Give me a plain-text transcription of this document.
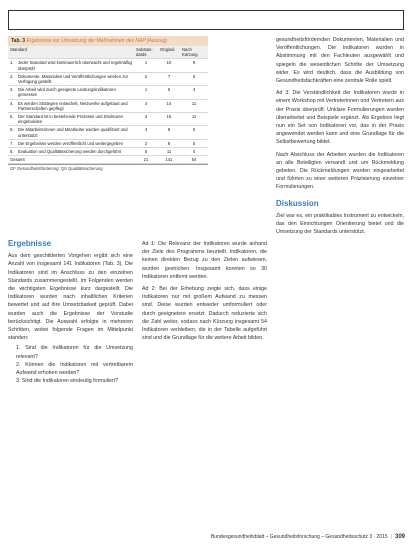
Tab. 3 Ergebnisse zur Umsetzung der Maßnahmen des NAP (Auszug)
Standard		Substandards	Original	Nach Kürzung
1.	Jeder Standard wird kontinuierlich überwacht und regelmäßig überprüft	1	10	9
2.	Dokumente, Materialien und Veröffentlichungen werden zur Verfügung gestellt	2	7	5
3.	Die Arbeit wird durch geeignete Leistungsindikatoren gemessen	1	6	4
4.	Es werden Strategien entwickelt, Netzwerke aufgebaut und Partnerschaften gepflegt	4	14	11
5.	Der Standard ist in bestehende Prozesse und Strukturen eingebunden	3	16	11
6.	Die Mitarbeiterinnen und Mitarbeiter werden qualifiziert und unterstützt	4	8	5
7.	Die Ergebnisse werden veröffentlicht und weitergegeben	2	8	5
8.	Evaluation und Qualitätssicherung werden durchgeführt	5	11	4
Gesamt		21	141	54
GF Gesundheitsförderung; QS Qualitätssicherung
Ergebnisse

Aus dem geschilderten Vorgehen ergibt sich eine Anzahl von insgesamt 141 Indikatoren (Tab. 3). Die Indikatoren sind im Anschluss zu den einzelnen Standards zusammengestellt. Im Folgenden werden die wichtigsten Ergebnisse kurz dargestellt. Die Indikatoren wurden nach inhaltlichen Kriterien bewertet und auf ihre Umsetzbarkeit geprüft. Dabei wurden auch die Ergebnisse der Vorstudie berücksichtigt. Die Auswahl erfolgte in mehreren Schritten, wobei folgende Fragen im Mittelpunkt standen:

1. Sind die Indikatoren für die Umsetzung relevant?
2. Können die Indikatoren mit vertretbarem Aufwand erhoben werden?
3. Sind die Indikatoren eindeutig formuliert?

Ad 1: Die Relevanz der Indikatoren wurde anhand der Ziele des Programms beurteilt. Indikatoren, die keinen direkten Bezug zu den Zielen aufwiesen, wurden gestrichen. Insgesamt konnten so 30 Indikatoren entfernt werden.

Ad 2: Bei der Erhebung zeigte sich, dass einige Indikatoren nur mit großem Aufwand zu messen sind. Diese wurden entweder umformuliert oder durch geeignetere ersetzt. Dadurch reduzierte sich die Zahl weiter, sodass nach Kürzung insgesamt 54 Indikatoren verbleiben, die in der Tabelle aufgeführt sind und die Grundlage für die weitere Arbeit bilden.

gesundheitsfördernden Dokumenten, Materialien und Veröffentlichungen. Die Indikatoren wurden in Abstimmung mit den Fachleuten ausgewählt und spiegeln die wesentlichen Schritte der Umsetzung wider. Es wird deutlich, dass die Ausbildung von Gesundheitsfachkräften eine zentrale Rolle spielt.

Ad 3: Die Verständlichkeit der Indikatoren wurde in einem Workshop mit Vertreterinnen und Vertretern aus der Praxis überprüft. Unklare Formulierungen wurden überarbeitet und Beispiele ergänzt. Als Ergebnis liegt nun ein Set von Indikatoren vor, das in der Praxis angewendet werden kann und eine Grundlage für die Selbstbewertung bildet.

Nach Abschluss der Arbeiten wurden die Indikatoren an alle Beteiligten versandt und um Rückmeldung gebeten. Die Rückmeldungen wurden eingearbeitet und führten zu einer weiteren Präzisierung einzelner Formulierungen.

Diskussion

Ziel war es, ein praktikables Instrument zu entwickeln, das den Einrichtungen Orientierung bietet und die Umsetzung der Standards unterstützt.

Bundesgesundheitsblatt – Gesundheitsforschung – Gesundheitsschutz 3 · 2015 | 309
